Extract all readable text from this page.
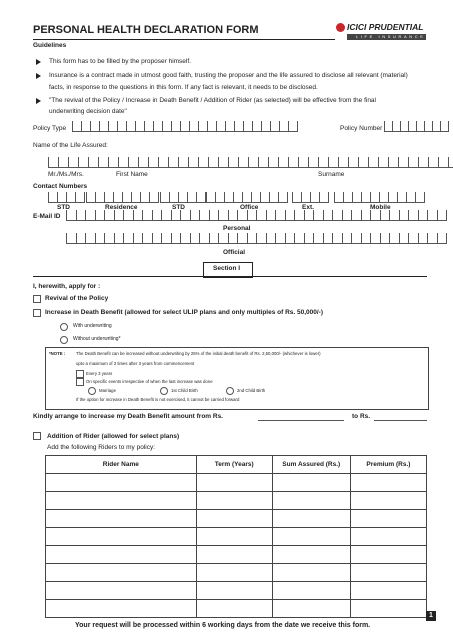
PERSONAL HEALTH DECLARATION FORM	ICICI PRUDENTIAL
LIFE INSURANCE
Guidelines
This form has to be filled by the proposer himself.
Insurance is a contract made in utmost good faith, trusting the proposer and the life assured to disclose all relevant (material)
facts, in response to the questions in this form. If any fact is relevant, it needs to be disclosed.
"The revival of the Policy / Increase in Death Benefit / Addition of Rider (as selected) will be effective from the final
underwriting decision date"
Policy Type	Policy Number
Name of the Life Assured:
Mr./Ms./Mrs.	First Name	Surname
Contact Numbers
STD	Residence	STD	Office	Ext.	Mobile
E-Mail ID
Personal
Official
Section I
I, herewith, apply for :
Revival of the Policy
Increase in Death Benefit (allowed for select ULIP plans and only multiples of Rs. 50,000/-)
With underwriting
Without underwriting*
*NOTE :	The Death Benefit can be increased without underwriting by 25% of the initial death benefit of Rs. 2,50,000/- (whichever is lower)
upto a maximum of 3 times after 3 years from commencement
Every 3 years
On specific events irrespective of when the last increase was done
Marriage	1st Child Birth	2nd Child Birth
If the option for increase in Death Benefit is not exercised, it cannot be carried forward
Kindly arrange to increase my Death Benefit amount from Rs.	to Rs.
Addition of Rider (allowed for select plans)
Add the following Riders to my policy:
Rider Name	Term (Years)	Sum Assured (Rs.)	Premium (Rs.)

Your request will be processed within 6 working days from the date we receive this form.
1
